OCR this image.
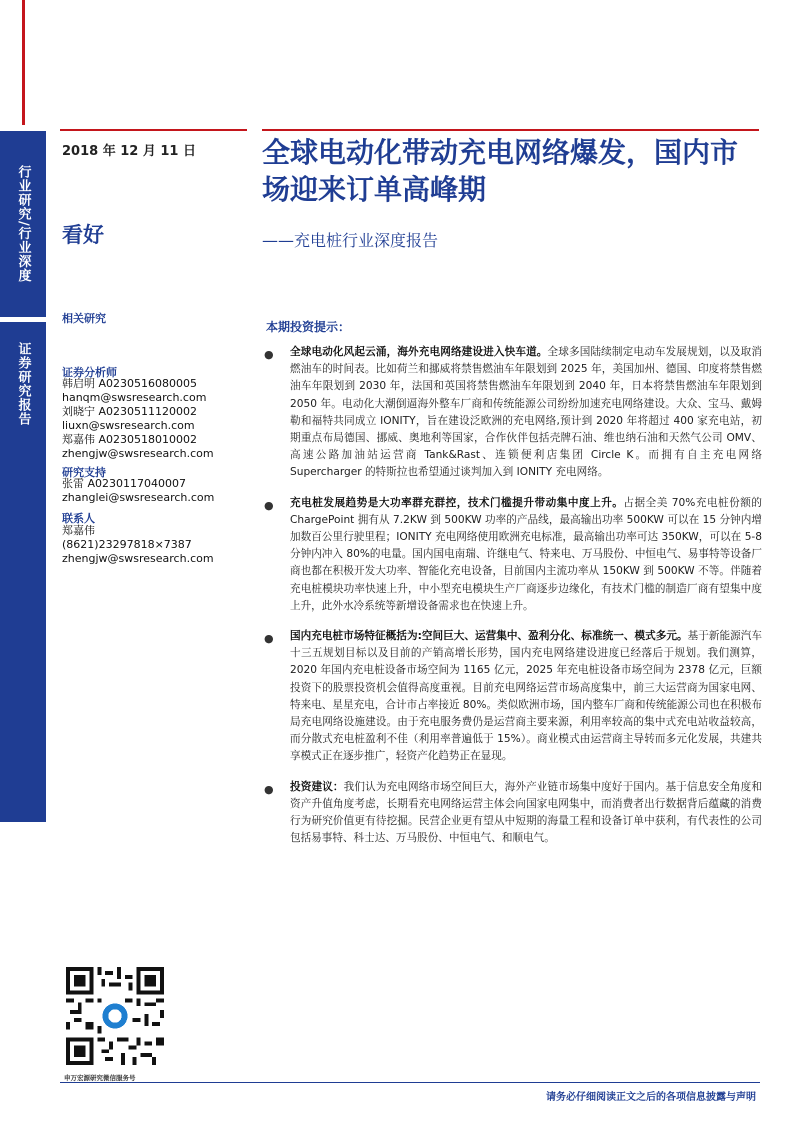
行业研究/行业深度
证券研究报告
2018 年 12 月 11 日
看好
全球电动化带动充电网络爆发，国内市场迎来订单高峰期
——充电桩行业深度报告
相关研究
证券分析师
韩启明 A0230516080005
hanqm@swsresearch.com
刘晓宁 A0230511120002
liuxn@swsresearch.com
郑嘉伟 A0230518010002
zhengjw@swsresearch.com
研究支持
张雷 A0230117040007
zhanglei@swsresearch.com
联系人
郑嘉伟
(8621)23297818×7387
zhengjw@swsresearch.com
本期投资提示：
● 全球电动化风起云涌，海外充电网络建设进入快车道。全球多国陆续制定电动车发展规划，以及取消燃油车的时间表。比如荷兰和挪威将禁售燃油车年限划到 2025 年，美国加州、德国、印度将禁售燃油车年限划到 2030 年，法国和英国将禁售燃油车年限划到 2040 年，日本将禁售燃油车年限划到 2050 年。电动化大潮倒逼海外整车厂商和传统能源公司纷纷加速充电网络建设。大众、宝马、戴姆勒和福特共同成立 IONITY，旨在建设泛欧洲的充电网络,预计到 2020 年将超过 400 家充电站，初期重点布局德国、挪威、奥地利等国家，合作伙伴包括壳牌石油、维也纳石油和天然气公司 OMV、高速公路加油站运营商 Tank&Rast、连锁便利店集团 Circle K。而拥有自主充电网络 Supercharger 的特斯拉也希望通过谈判加入到 IONITY 充电网络。
● 充电桩发展趋势是大功率群充群控，技术门槛提升带动集中度上升。占据全美 70%充电桩份额的 ChargePoint 拥有从 7.2KW 到 500KW 功率的产品线，最高输出功率 500KW 可以在 15 分钟内增加数百公里行驶里程；IONITY 充电网络使用欧洲充电标准，最高输出功率可达 350KW，可以在 5-8 分钟内冲入 80%的电量。国内国电南瑞、许继电气、特来电、万马股份、中恒电气、易事特等设备厂商也都在积极开发大功率、智能化充电设备，目前国内主流功率从 150KW 到 500KW 不等。伴随着充电桩模块功率快速上升，中小型充电模块生产厂商逐步边缘化，有技术门槛的制造厂商有望集中度上升，此外水冷系统等新增设备需求也在快速上升。
● 国内充电桩市场特征概括为:空间巨大、运营集中、盈利分化、标准统一、模式多元。基于新能源汽车十三五规划目标以及目前的产销高增长形势，国内充电网络建设进度已经落后于规划。我们测算，2020 年国内充电桩设备市场空间为 1165 亿元，2025 年充电桩设备市场空间为 2378 亿元，巨额投资下的股票投资机会值得高度重视。目前充电网络运营市场高度集中，前三大运营商为国家电网、特来电、星星充电，合计市占率接近 80%。类似欧洲市场，国内整车厂商和传统能源公司也在积极布局充电网络设施建设。由于充电服务费仍是运营商主要来源，利用率较高的集中式充电站收益较高，而分散式充电桩盈利不佳（利用率普遍低于 15%）。商业模式由运营商主导转而多元化发展，共建共享模式正在逐步推广，轻资产化趋势正在显现。
● 投资建议：我们认为充电网络市场空间巨大，海外产业链市场集中度好于国内。基于信息安全角度和资产升值角度考虑，长期看充电网络运营主体会向国家电网集中，而消费者出行数据背后蕴藏的消费行为研究价值更有待挖掘。民营企业更有望从中短期的海量工程和设备订单中获利，有代表性的公司包括易事特、科士达、万马股份、中恒电气、和顺电气。
申万宏源研究微信服务号
请务必仔细阅读正文之后的各项信息披露与声明
